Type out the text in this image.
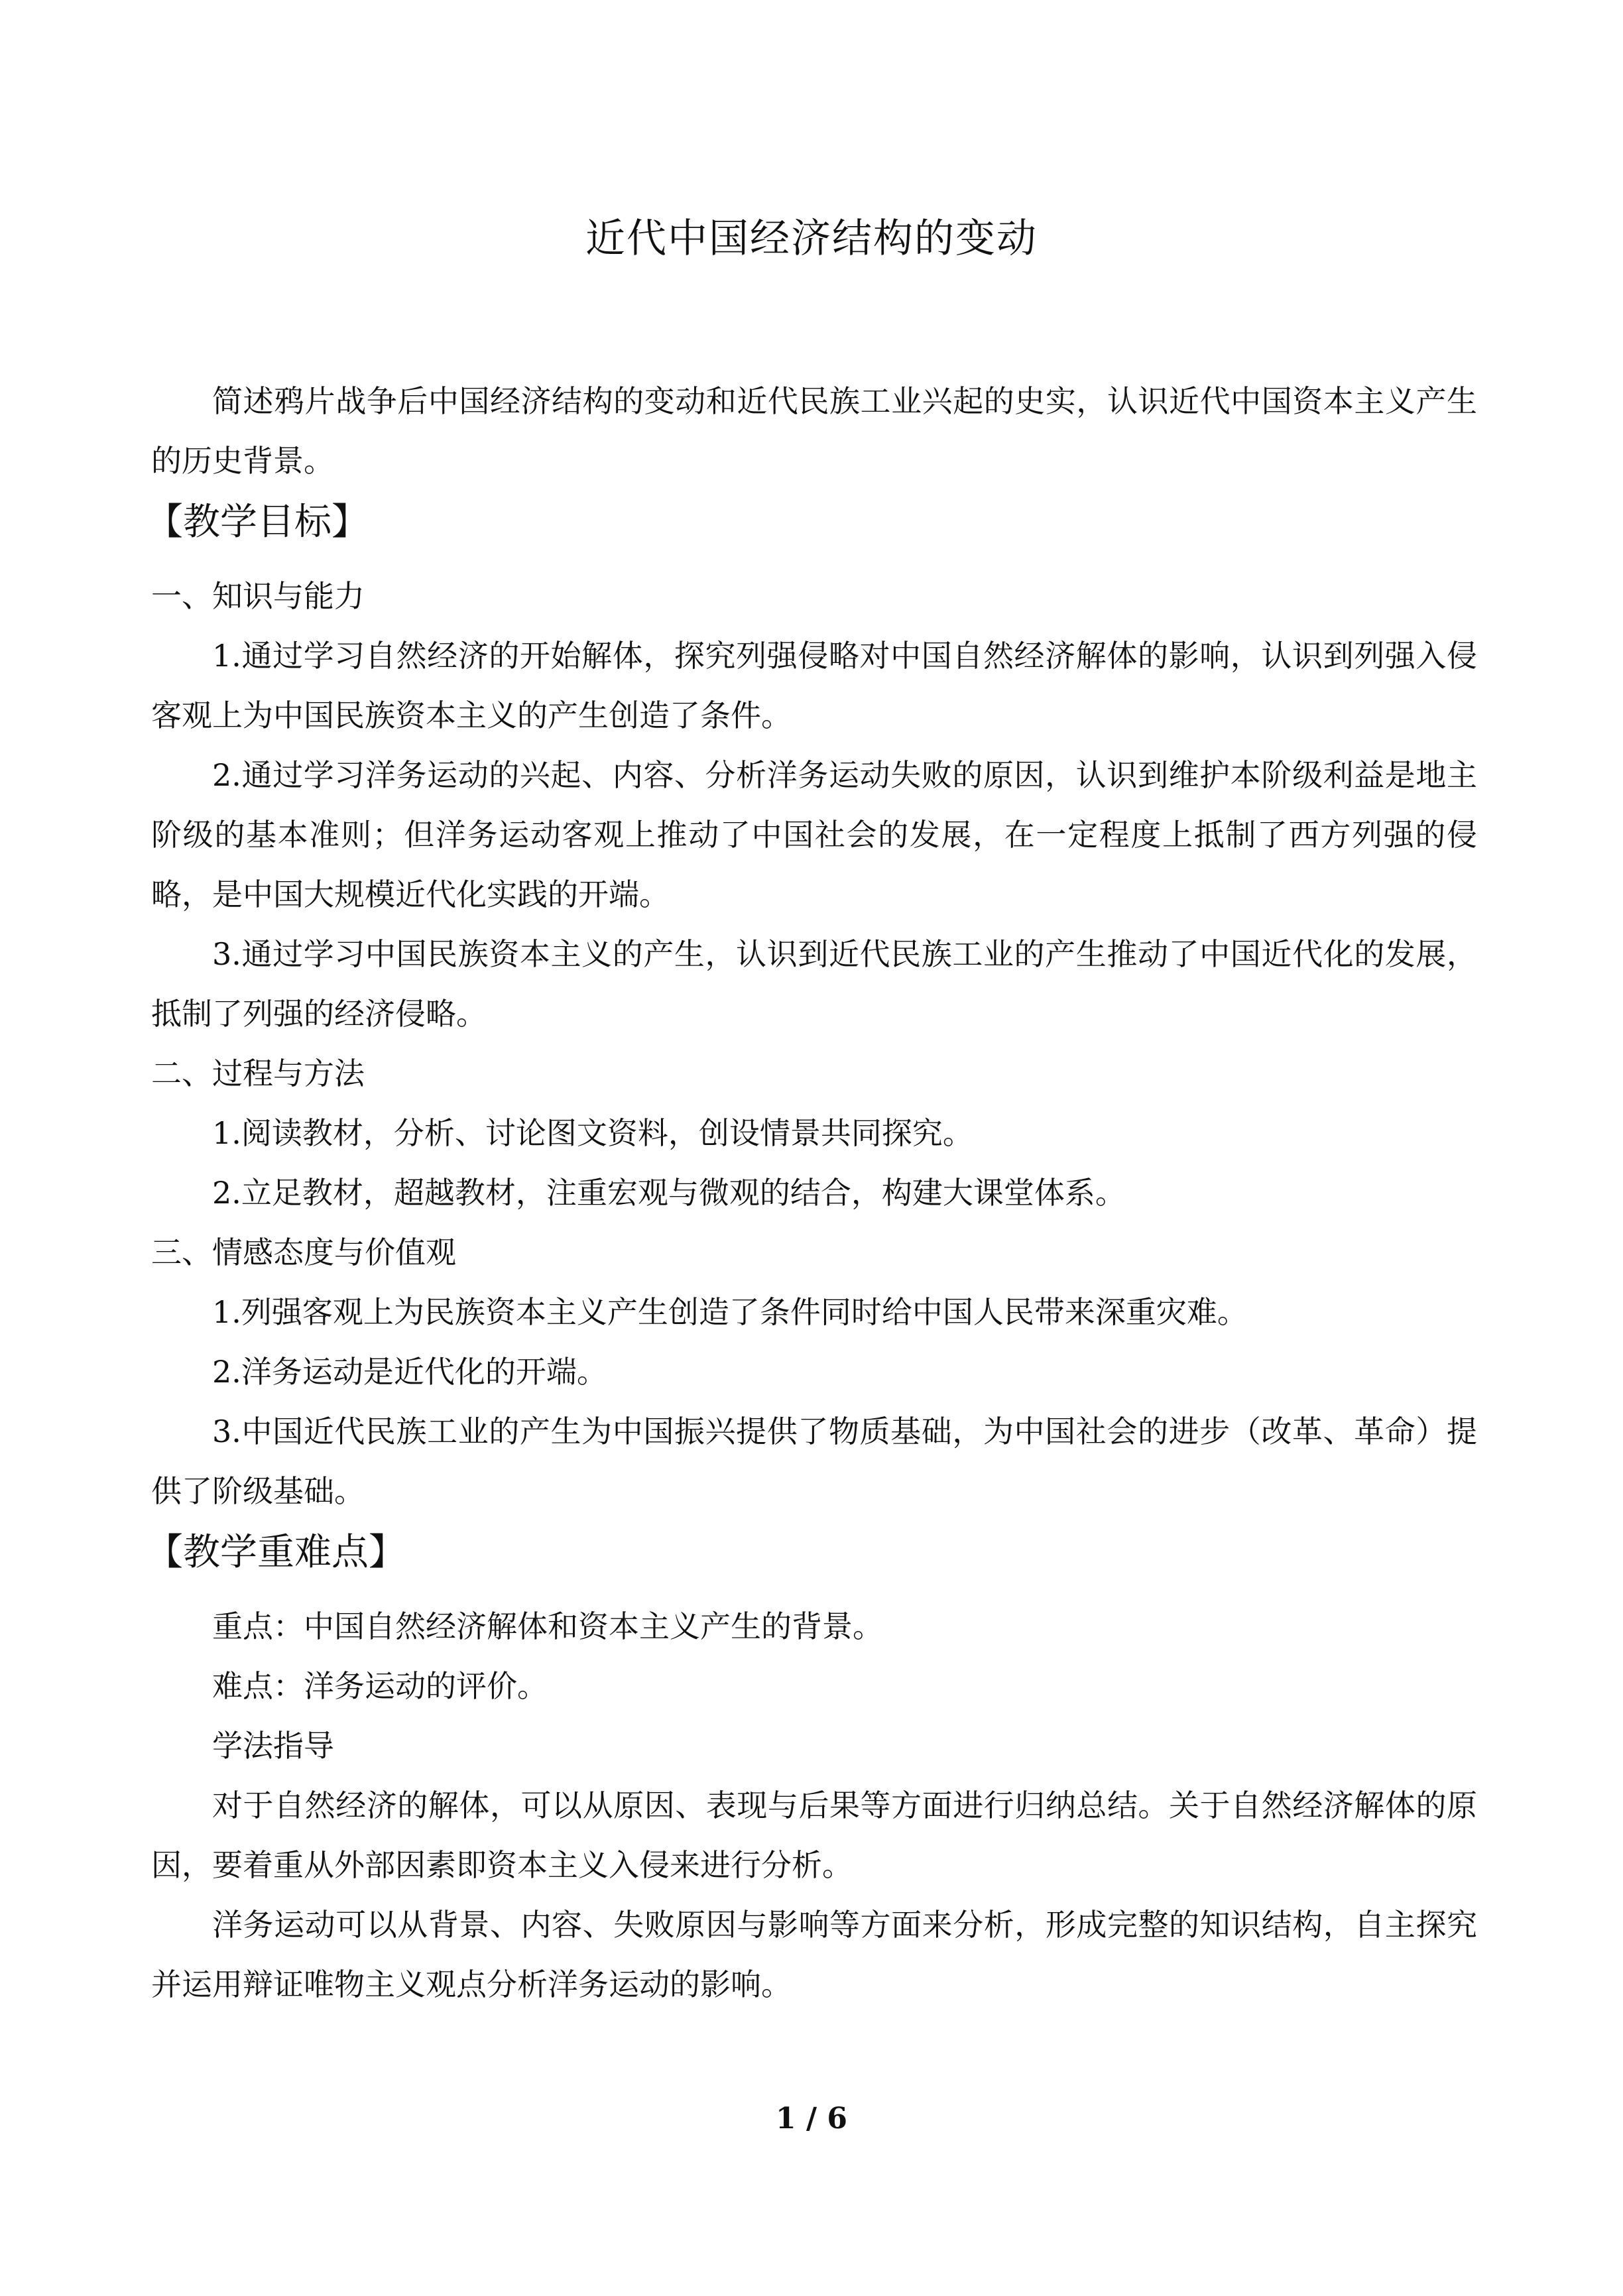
近代中国经济结构的变动

简述鸦片战争后中国经济结构的变动和近代民族工业兴起的史实，认识近代中国资本主义产生的历史背景。

【教学目标】

一、知识与能力

1.通过学习自然经济的开始解体，探究列强侵略对中国自然经济解体的影响，认识到列强入侵客观上为中国民族资本主义的产生创造了条件。

2.通过学习洋务运动的兴起、内容、分析洋务运动失败的原因，认识到维护本阶级利益是地主阶级的基本准则；但洋务运动客观上推动了中国社会的发展，在一定程度上抵制了西方列强的侵略，是中国大规模近代化实践的开端。

3.通过学习中国民族资本主义的产生，认识到近代民族工业的产生推动了中国近代化的发展，抵制了列强的经济侵略。

二、过程与方法

1.阅读教材，分析、讨论图文资料，创设情景共同探究。

2.立足教材，超越教材，注重宏观与微观的结合，构建大课堂体系。

三、情感态度与价值观

1.列强客观上为民族资本主义产生创造了条件同时给中国人民带来深重灾难。

2.洋务运动是近代化的开端。

3.中国近代民族工业的产生为中国振兴提供了物质基础，为中国社会的进步（改革、革命）提供了阶级基础。

【教学重难点】

重点：中国自然经济解体和资本主义产生的背景。

难点：洋务运动的评价。

学法指导

对于自然经济的解体，可以从原因、表现与后果等方面进行归纳总结。关于自然经济解体的原因，要着重从外部因素即资本主义入侵来进行分析。

洋务运动可以从背景、内容、失败原因与影响等方面来分析，形成完整的知识结构，自主探究并运用辩证唯物主义观点分析洋务运动的影响。

1 / 6
